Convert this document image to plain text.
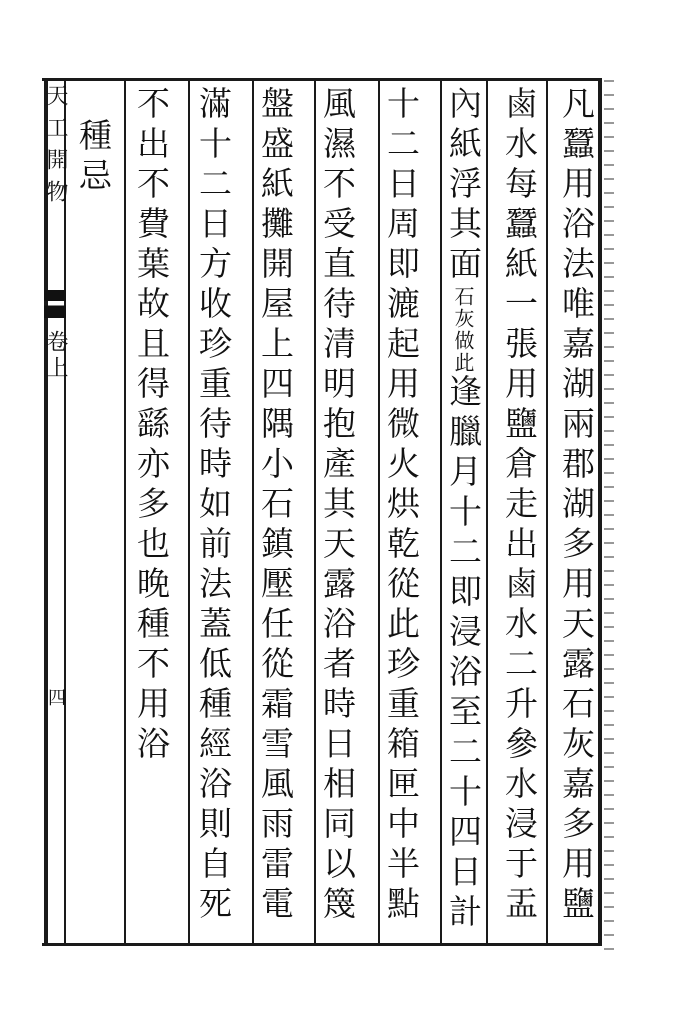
天工開物
卷上
四	凡蠶用浴法唯嘉湖兩郡湖多用天露石灰嘉多用鹽
鹵水每蠶紙一張用鹽倉走出鹵水二升參水浸于盂
內紙浮其面石灰做此逢臘月十二即浸浴至二十四日計
十二日周即漉起用微火烘乾從此珍重箱匣中半點
風濕不受直待清明抱產其天露浴者時日相同以篾
盤盛紙攤開屋上四隅小石鎮壓任從霜雪風雨雷電
滿十二日方收珍重待時如前法蓋低種經浴則自死
不出不費葉故且得繇亦多也晚種不用浴
種忌
